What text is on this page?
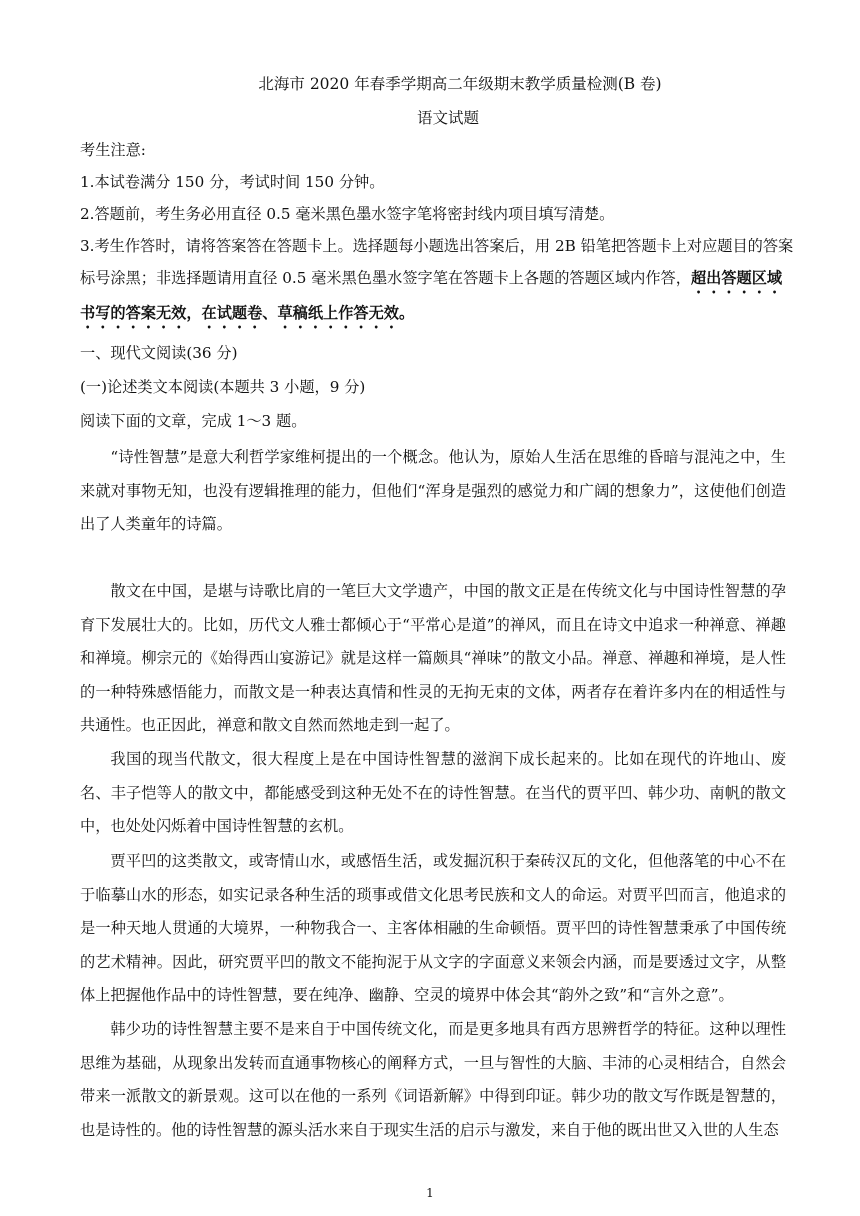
北海市 2020 年春季学期高二年级期末教学质量检测(B 卷)
语文试题
考生注意:
1.本试卷满分 150 分，考试时间 150 分钟。
2.答题前，考生务必用直径 0.5 毫米黑色墨水签字笔将密封线内项目填写清楚。
3.考生作答时，请将答案答在答题卡上。选择题每小题选出答案后，用 2B 铅笔把答题卡上对应题目的答案
标号涂黑；非选择题请用直径 0.5 毫米黑色墨水签字笔在答题卡上各题的答题区域内作答，超出答题区域
书写的答案无效，在试题卷、草稿纸上作答无效。
一、现代文阅读(36 分)
(一)论述类文本阅读(本题共 3 小题，9 分)
阅读下面的文章，完成 1～3 题。
“诗性智慧”是意大利哲学家维柯提出的一个概念。他认为，原始人生活在思维的昏暗与混沌之中，生来就对事物无知，也没有逻辑推理的能力，但他们“浑身是强烈的感觉力和广阔的想象力”，这使他们创造出了人类童年的诗篇。
散文在中国，是堪与诗歌比肩的一笔巨大文学遗产，中国的散文正是在传统文化与中国诗性智慧的孕育下发展壮大的。比如，历代文人雅士都倾心于“平常心是道”的禅风，而且在诗文中追求一种禅意、禅趣和禅境。柳宗元的《始得西山宴游记》就是这样一篇颇具“禅味”的散文小品。禅意、禅趣和禅境，是人性的一种特殊感悟能力，而散文是一种表达真情和性灵的无拘无束的文体，两者存在着许多内在的相适性与共通性。也正因此，禅意和散文自然而然地走到一起了。
我国的现当代散文，很大程度上是在中国诗性智慧的滋润下成长起来的。比如在现代的许地山、废名、丰子恺等人的散文中，都能感受到这种无处不在的诗性智慧。在当代的贾平凹、韩少功、南帆的散文中，也处处闪烁着中国诗性智慧的玄机。
贾平凹的这类散文，或寄情山水，或感悟生活，或发掘沉积于秦砖汉瓦的文化，但他落笔的中心不在于临摹山水的形态，如实记录各种生活的琐事或借文化思考民族和文人的命运。对贾平凹而言，他追求的是一种天地人贯通的大境界，一种物我合一、主客体相融的生命顿悟。贾平凹的诗性智慧秉承了中国传统的艺术精神。因此，研究贾平凹的散文不能拘泥于从文字的字面意义来领会内涵，而是要透过文字，从整体上把握他作品中的诗性智慧，要在纯净、幽静、空灵的境界中体会其“韵外之致”和“言外之意”。
韩少功的诗性智慧主要不是来自于中国传统文化，而是更多地具有西方思辨哲学的特征。这种以理性思维为基础，从现象出发转而直通事物核心的阐释方式，一旦与智性的大脑、丰沛的心灵相结合，自然会带来一派散文的新景观。这可以在他的一系列《词语新解》中得到印证。韩少功的散文写作既是智慧的，也是诗性的。他的诗性智慧的源头活水来自于现实生活的启示与激发，来自于他的既出世又入世的人生态
1
